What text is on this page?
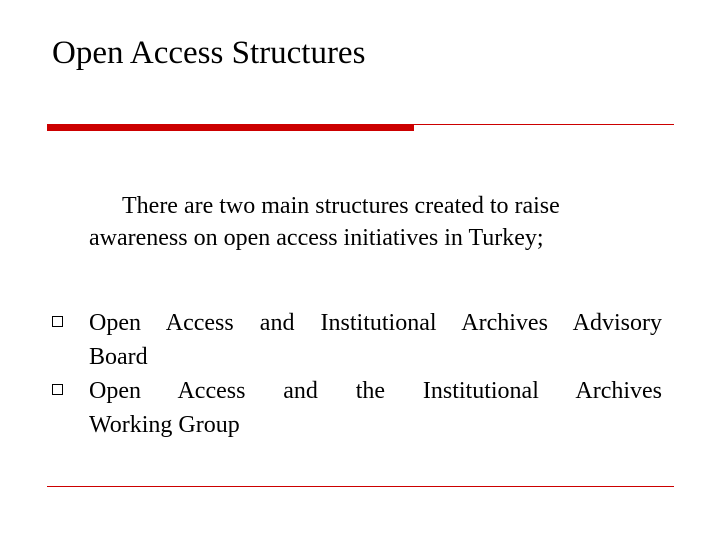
Open Access Structures
There are two main structures created to raise
awareness on open access initiatives in Turkey;
Open Access and Institutional Archives Advisory
Board
Open Access and the Institutional Archives
Working Group
